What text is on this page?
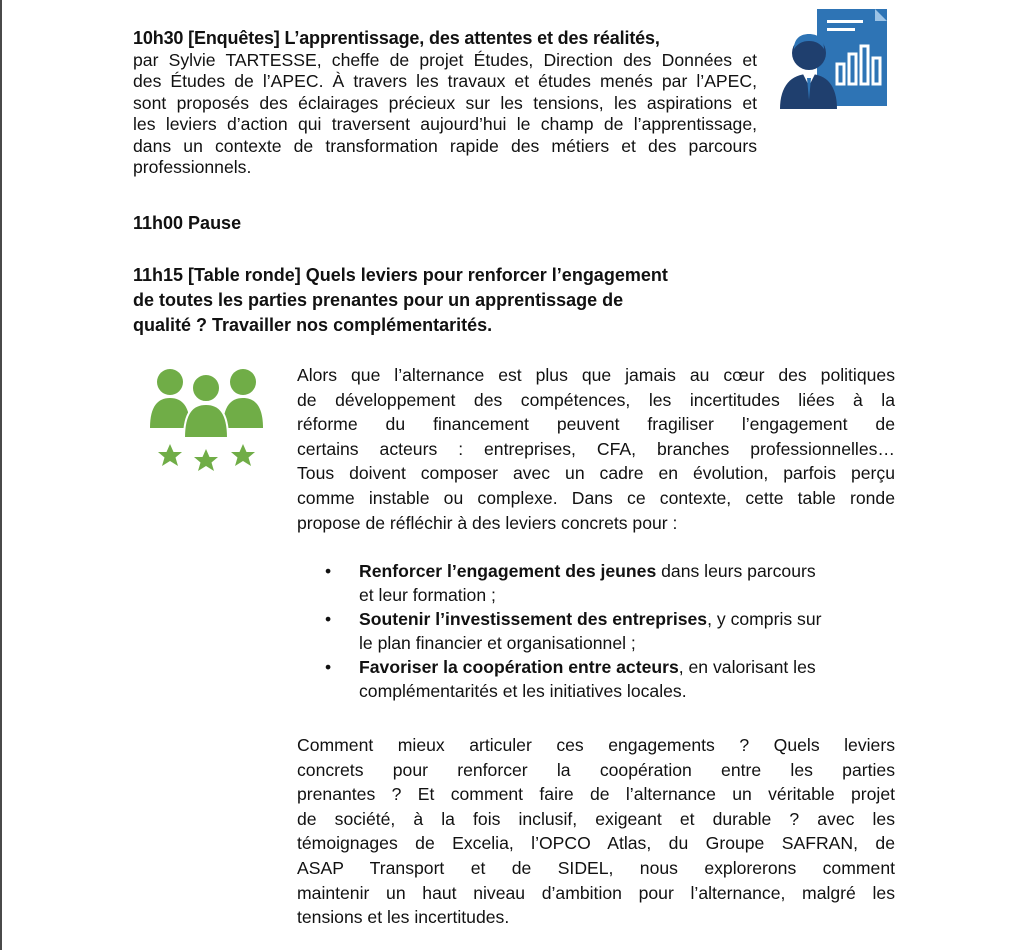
10h30 [Enquêtes] L’apprentissage, des attentes et des réalités,

par Sylvie TARTESSE, cheffe de projet Études, Direction des Données et

des Études de l’APEC. À travers les travaux et études menés par l’APEC,

sont proposés des éclairages précieux sur les tensions, les aspirations et

les leviers d’action qui traversent aujourd’hui le champ de l’apprentissage,

dans un contexte de transformation rapide des métiers et des parcours

professionnels.

11h00 Pause

11h15 [Table ronde] Quels leviers pour renforcer l’engagement

de toutes les parties prenantes pour un apprentissage de

qualité ? Travailler nos complémentarités.

Alors que l’alternance est plus que jamais au cœur des politiques

de développement des compétences, les incertitudes liées à la

réforme du financement peuvent fragiliser l’engagement de

certains acteurs : entreprises, CFA, branches professionnelles…

Tous doivent composer avec un cadre en évolution, parfois perçu

comme instable ou complexe. Dans ce contexte, cette table ronde

propose de réfléchir à des leviers concrets pour :

• Renforcer l’engagement des jeunes dans leurs parcours
et leur formation ;
• Soutenir l’investissement des entreprises, y compris sur
le plan financier et organisationnel ;
• Favoriser la coopération entre acteurs, en valorisant les
complémentarités et les initiatives locales.

Comment mieux articuler ces engagements ? Quels leviers

concrets pour renforcer la coopération entre les parties

prenantes ? Et comment faire de l’alternance un véritable projet

de société, à la fois inclusif, exigeant et durable ? avec les

témoignages de Excelia, l’OPCO Atlas, du Groupe SAFRAN, de

ASAP Transport et de SIDEL, nous explorerons comment

maintenir un haut niveau d’ambition pour l’alternance, malgré les

tensions et les incertitudes.
